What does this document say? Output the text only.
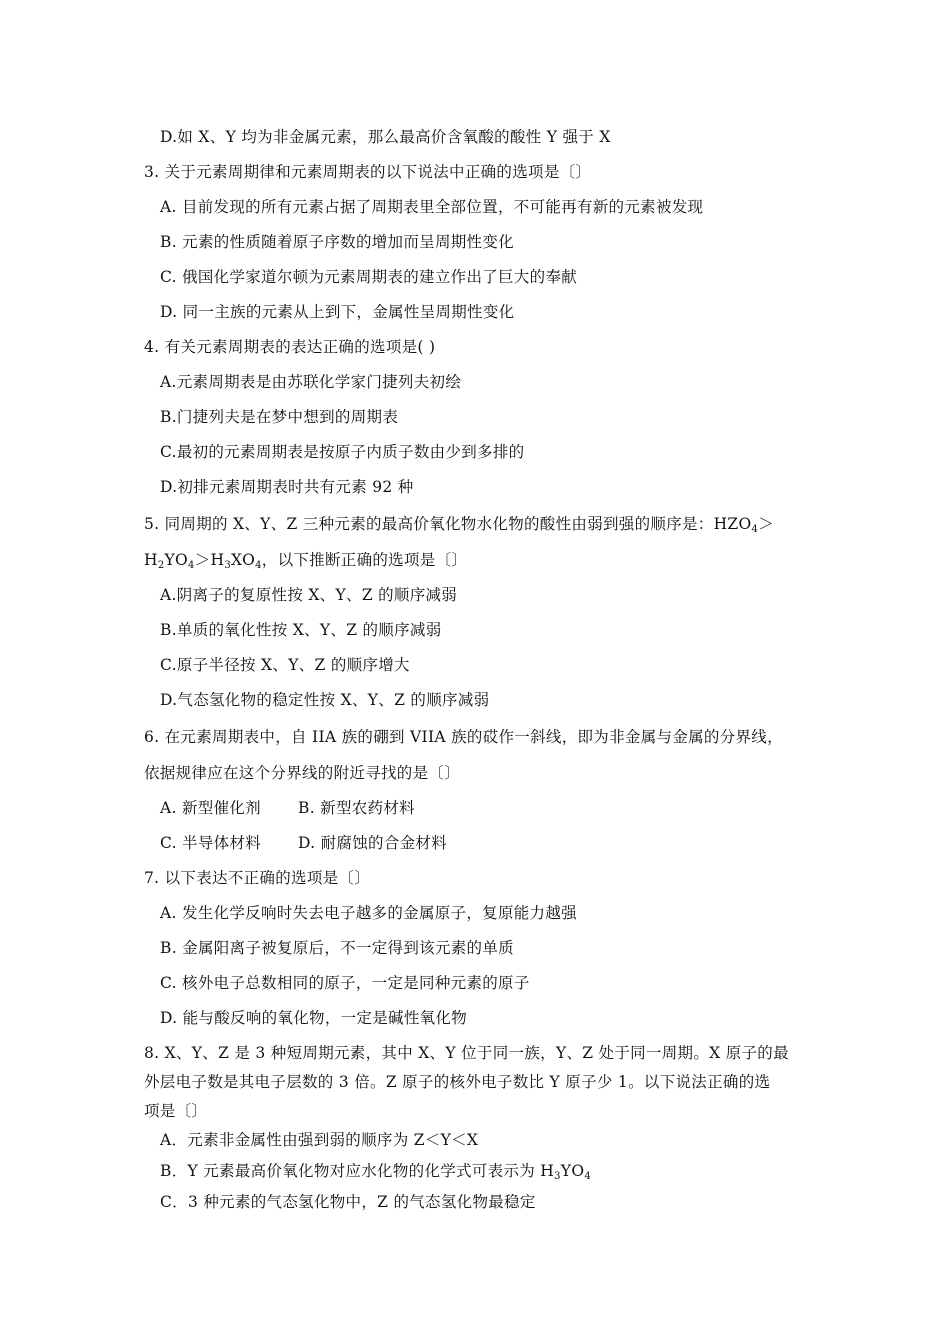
D.如 X、Y 均为非金属元素，那么最高价含氧酸的酸性 Y 强于 X
3. 关于元素周期律和元素周期表的以下说法中正确的选项是〔〕
A. 目前发现的所有元素占据了周期表里全部位置，不可能再有新的元素被发现
B. 元素的性质随着原子序数的增加而呈周期性变化
C. 俄国化学家道尔顿为元素周期表的建立作出了巨大的奉献
D. 同一主族的元素从上到下，金属性呈周期性变化
4. 有关元素周期表的表达正确的选项是( )
A.元素周期表是由苏联化学家门捷列夫初绘
B.门捷列夫是在梦中想到的周期表
C.最初的元素周期表是按原子内质子数由少到多排的
D.初排元素周期表时共有元素 92 种
5. 同周期的 X、Y、Z 三种元素的最高价氧化物水化物的酸性由弱到强的顺序是：$HZO_4>$
$H_2YO_4>H_3XO_4$，以下推断正确的选项是〔〕
A.阴离子的复原性按 X、Y、Z 的顺序减弱
B.单质的氧化性按 X、Y、Z 的顺序减弱
C.原子半径按 X、Y、Z 的顺序增大
D.气态氢化物的稳定性按 X、Y、Z 的顺序减弱
6. 在元素周期表中，自 IIA 族的硼到 VIIA 族的砹作一斜线，即为非金属与金属的分界线，
依据规律应在这个分界线的附近寻找的是〔〕
A. 新型催化剂 B. 新型农药材料
C. 半导体材料 D. 耐腐蚀的合金材料
7. 以下表达不正确的选项是〔〕
A. 发生化学反响时失去电子越多的金属原子，复原能力越强
B. 金属阳离子被复原后，不一定得到该元素的单质
C. 核外电子总数相同的原子，一定是同种元素的原子
D. 能与酸反响的氧化物，一定是碱性氧化物
8. X、Y、Z 是 3 种短周期元素，其中 X、Y 位于同一族，Y、Z 处于同一周期。X 原子的最
外层电子数是其电子层数的 3 倍。Z 原子的核外电子数比 Y 原子少 1。以下说法正确的选
项是〔〕
A．元素非金属性由强到弱的顺序为 Z＜Y＜X
B．Y 元素最高价氧化物对应水化物的化学式可表示为 $H_3YO_4$
C．3 种元素的气态氢化物中，Z 的气态氢化物最稳定
